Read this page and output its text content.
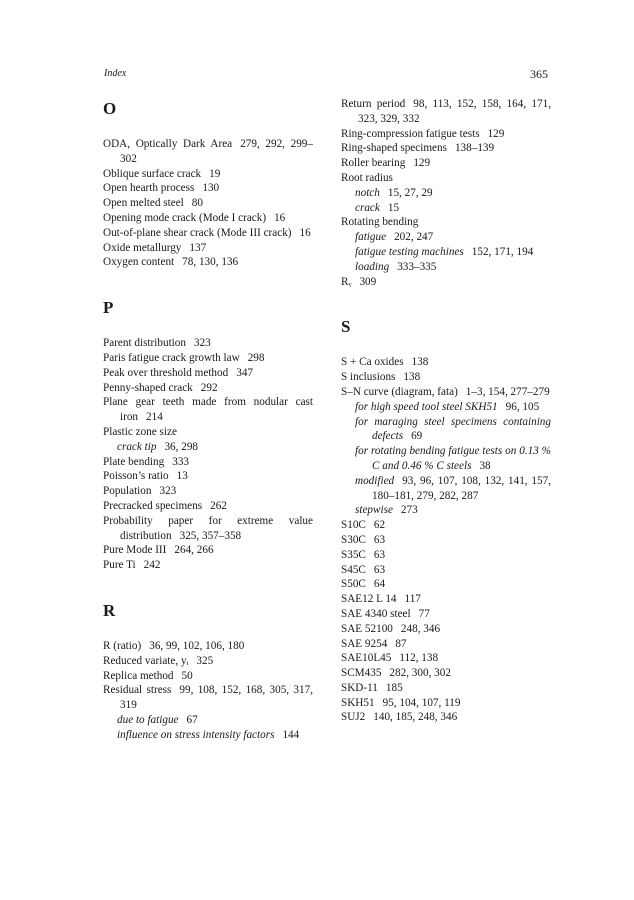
Index	365
O
ODA, Optically Dark Area 279, 292, 299–302
Oblique surface crack 19
Open hearth process 130
Open melted steel 80
Opening mode crack (Mode I crack) 16
Out-of-plane shear crack (Mode III crack) 16
Oxide metallurgy 137
Oxygen content 78, 130, 136
P
Parent distribution 323
Paris fatigue crack growth law 298
Peak over threshold method 347
Penny-shaped crack 292
Plane gear teeth made from nodular cast iron 214
Plastic zone size
crack tip 36, 298
Plate bending 333
Poisson’s ratio 13
Population 323
Precracked specimens 262
Probability paper for extreme value distribution 325, 357–358
Pure Mode III 264, 266
Pure Ti 242
R
R (ratio) 36, 99, 102, 106, 180
Reduced variate, yᵢ 325
Replica method 50
Residual stress 99, 108, 152, 168, 305, 317, 319
due to fatigue 67
influence on stress intensity factors 144
Return period 98, 113, 152, 158, 164, 171, 323, 329, 332
Ring-compression fatigue tests 129
Ring-shaped specimens 138–139
Roller bearing 129
Root radius
notch 15, 27, 29
crack 15
Rotating bending
fatigue 202, 247
fatigue testing machines 152, 171, 194
loading 333–335
Rᵧ 309
S
S + Ca oxides 138
S inclusions 138
S–N curve (diagram, fata) 1–3, 154, 277–279
for high speed tool steel SKH51 96, 105
for maraging steel specimens containing defects 69
for rotating bending fatigue tests on 0.13 % C and 0.46 % C steels 38
modified 93, 96, 107, 108, 132, 141, 157, 180–181, 279, 282, 287
stepwise 273
S10C 62
S30C 63
S35C 63
S45C 63
S50C 64
SAE12 L 14 117
SAE 4340 steel 77
SAE 52100 248, 346
SAE 9254 87
SAE10L45 112, 138
SCM435 282, 300, 302
SKD-11 185
SKH51 95, 104, 107, 119
SUJ2 140, 185, 248, 346
